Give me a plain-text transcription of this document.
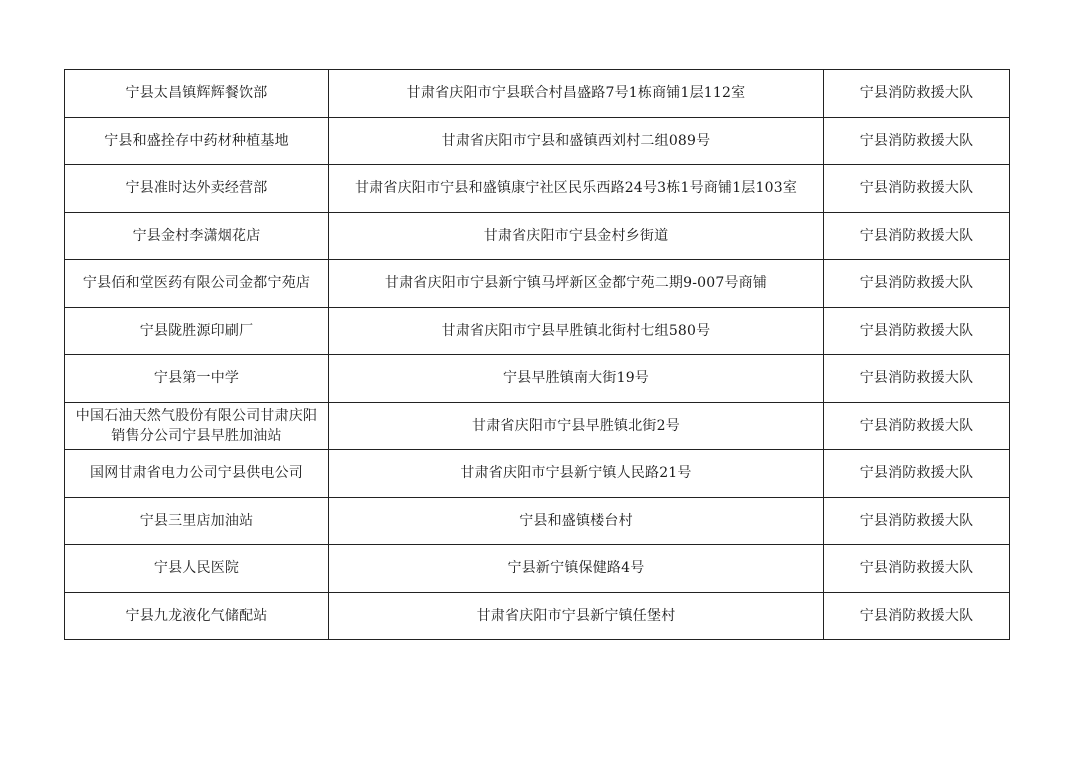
宁县太昌镇辉辉餐饮部	甘肃省庆阳市宁县联合村昌盛路7号1栋商铺1层112室	宁县消防救援大队
宁县和盛拴存中药材种植基地	甘肃省庆阳市宁县和盛镇西刘村二组089号	宁县消防救援大队
宁县准时达外卖经营部	甘肃省庆阳市宁县和盛镇康宁社区民乐西路24号3栋1号商铺1层103室	宁县消防救援大队
宁县金村李潇烟花店	甘肃省庆阳市宁县金村乡街道	宁县消防救援大队
宁县佰和堂医药有限公司金都宁苑店	甘肃省庆阳市宁县新宁镇马坪新区金都宁苑二期9-007号商铺	宁县消防救援大队
宁县陇胜源印刷厂	甘肃省庆阳市宁县早胜镇北街村七组580号	宁县消防救援大队
宁县第一中学	宁县早胜镇南大街19号	宁县消防救援大队
中国石油天然气股份有限公司甘肃庆阳销售分公司宁县早胜加油站	甘肃省庆阳市宁县早胜镇北街2号	宁县消防救援大队
国网甘肃省电力公司宁县供电公司	甘肃省庆阳市宁县新宁镇人民路21号	宁县消防救援大队
宁县三里店加油站	宁县和盛镇楼台村	宁县消防救援大队
宁县人民医院	宁县新宁镇保健路4号	宁县消防救援大队
宁县九龙液化气储配站	甘肃省庆阳市宁县新宁镇任堡村	宁县消防救援大队
